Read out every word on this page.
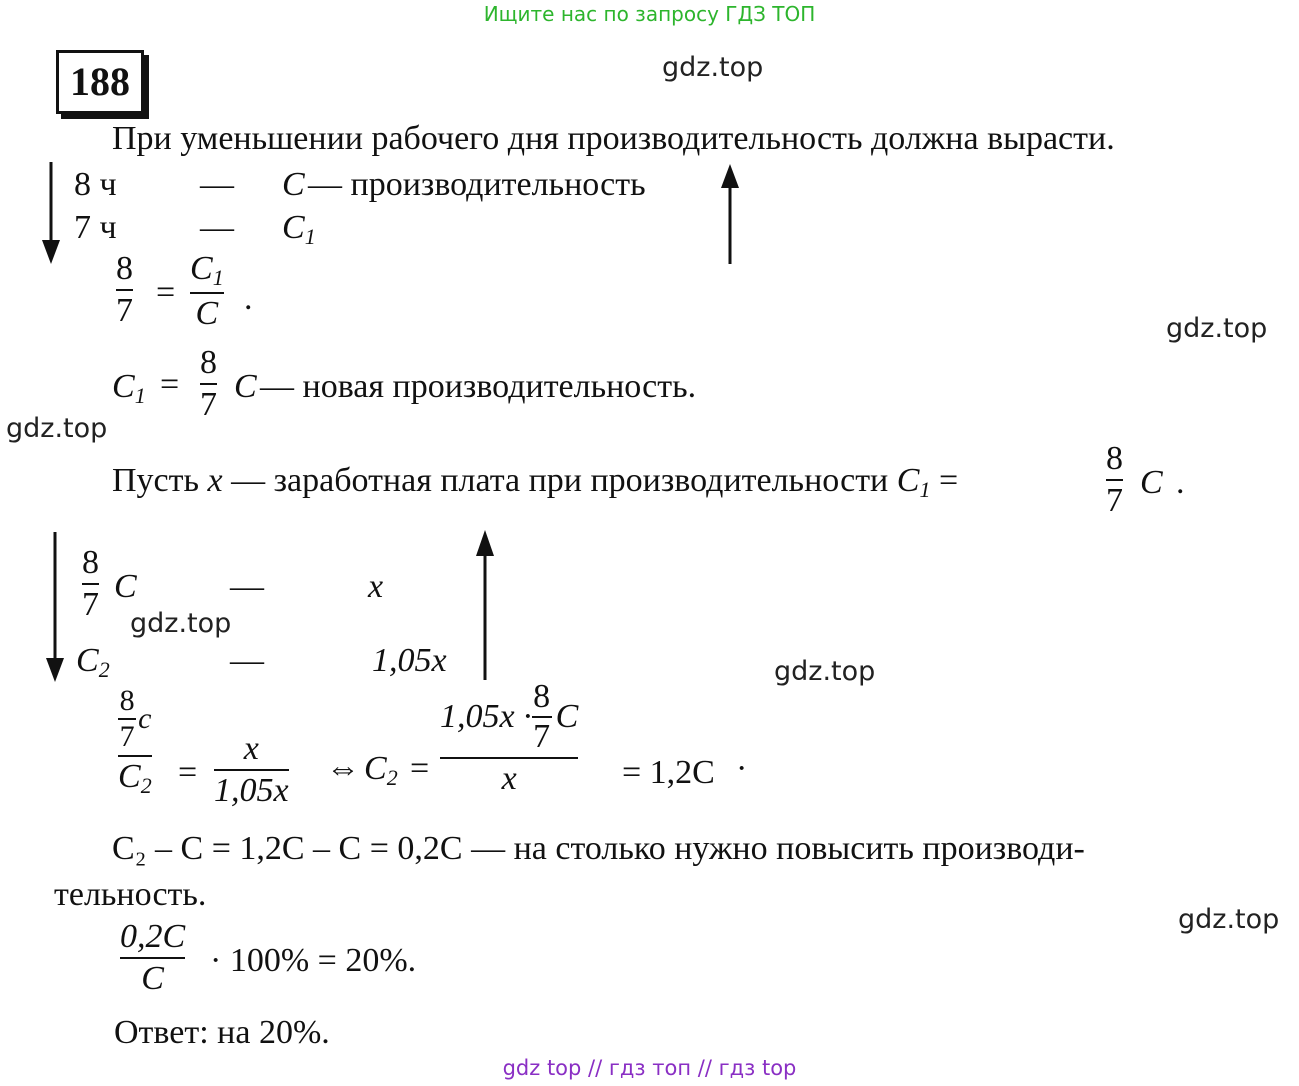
Ищите нас по запросу ГДЗ ТОП
gdz top // гдз топ // гдз top
188	gdz.top
gdz.top
gdz.top
gdz.top
gdz.top
gdz.top
При уменьшении рабочего дня производительность должна вырасти.
8 ч — C — производительность
7 ч — $C_1$
8
7 =
$C_1$
C .
$C_1$ =
8
7 C — новая производительность.
Пусть x — заработная плата при производительности $C_1$ =
8
7 C .
8
7 C	—	x
$C_2$	—	1,05x
8
7
c
$C_2$ =
x
1,05x
⇔ $C_2$ =
1,05x ·
8
7
C
x	= 1,2C ·
C₂ – C = 1,2C – C = 0,2C — на столько нужно повысить производи-
тельность.
0,2C
C · 100% = 20%.
Ответ: на 20%.
